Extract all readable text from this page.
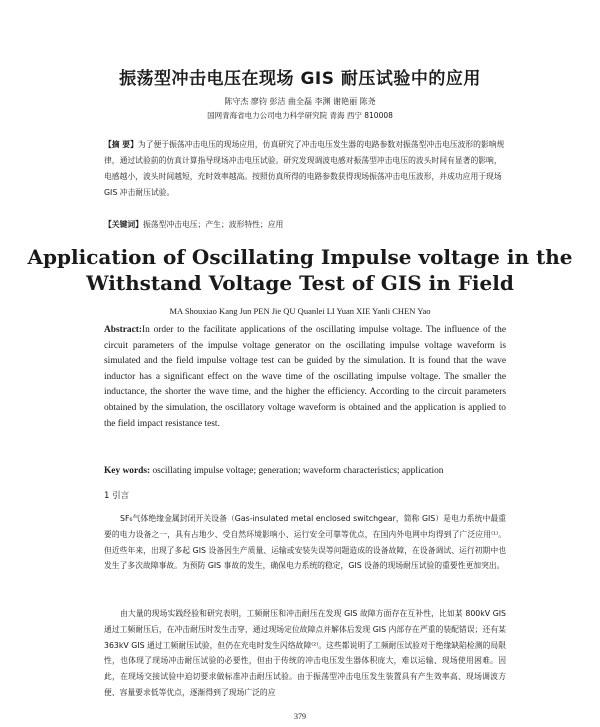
振荡型冲击电压在现场 GIS 耐压试验中的应用
陈守杰 廖钧 彭洁 曲全磊 李渊 谢艳丽 陈尧
国网青海省电力公司电力科学研究院 青海 西宁 810008
【摘 要】为了便于振荡冲击电压的现场应用，仿真研究了冲击电压发生器的电路参数对振荡型冲击电压波形的影响规律，通过试验前的仿真计算指导现场冲击电压试验。研究发现调波电感对振荡型冲击电压的波头时间有显著的影响，电感越小，波头时间越短，充时效率越高。按照仿真所得的电路参数获得现场振荡冲击电压波形，并成功应用于现场 GIS 冲击耐压试验。
【关键词】振荡型冲击电压；产生；波形特性；应用
Application of Oscillating Impulse voltage in the Withstand Voltage Test of GIS in Field
MA Shouxiao Kang Jun PEN Jie QU Quanlei LI Yuan XIE Yanli CHEN Yao
Abstract:In order to the facilitate applications of the oscillating impulse voltage. The influence of the circuit parameters of the impulse voltage generator on the oscillating impulse voltage waveform is simulated and the field impulse voltage test can be guided by the simulation. It is found that the wave inductor has a significant effect on the wave time of the oscillating impulse voltage. The smaller the inductance, the shorter the wave time, and the higher the efficiency. According to the circuit parameters obtained by the simulation, the oscillatory voltage waveform is obtained and the application is applied to the field impact resistance test.
Key words: oscillating impulse voltage; generation; waveform characteristics; application
1 引言
SF₆气体绝缘金属封闭开关设备（Gas-insulated metal enclosed switchgear，简称 GIS）是电力系统中最重要的电力设备之一，具有占地少、受自然环境影响小、运行安全可靠等优点，在国内外电网中均得到了广泛应用⁽¹⁾。但近些年来，出现了多起 GIS 设备因生产质量、运输或安装失误等问题造成的设备故障，在设备调试、运行初期中也发生了多次故障事故。为预防 GIS 事故的发生，确保电力系统的稳定，GIS 设备的现场耐压试验的重要性更加突出。
由大量的现场实践经验和研究表明，工频耐压和冲击耐压在发现 GIS 故障方面存在互补性，比如某 800kV GIS 通过工频耐压后，在冲击耐压时发生击穿，通过现场定位故障点并解体后发现 GIS 内部存在严重的装配错误；还有某 363kV GIS 通过工频耐压试验，但仍在充电时发生闪络故障⁽²⁾。这些都说明了工频耐压试验对于绝缘缺陷检测的局限性，也体现了现场冲击耐压试验的必要性，但由于传统的冲击电压发生器体积庞大，难以运输、现场使用困难。因此，在现场交接试验中迫切要求做标准冲击耐压试验。由于振荡型冲击电压发生装置具有产生效率高、现场调波方便、容量要求低等优点，逐渐得到了现场广泛的应
379
